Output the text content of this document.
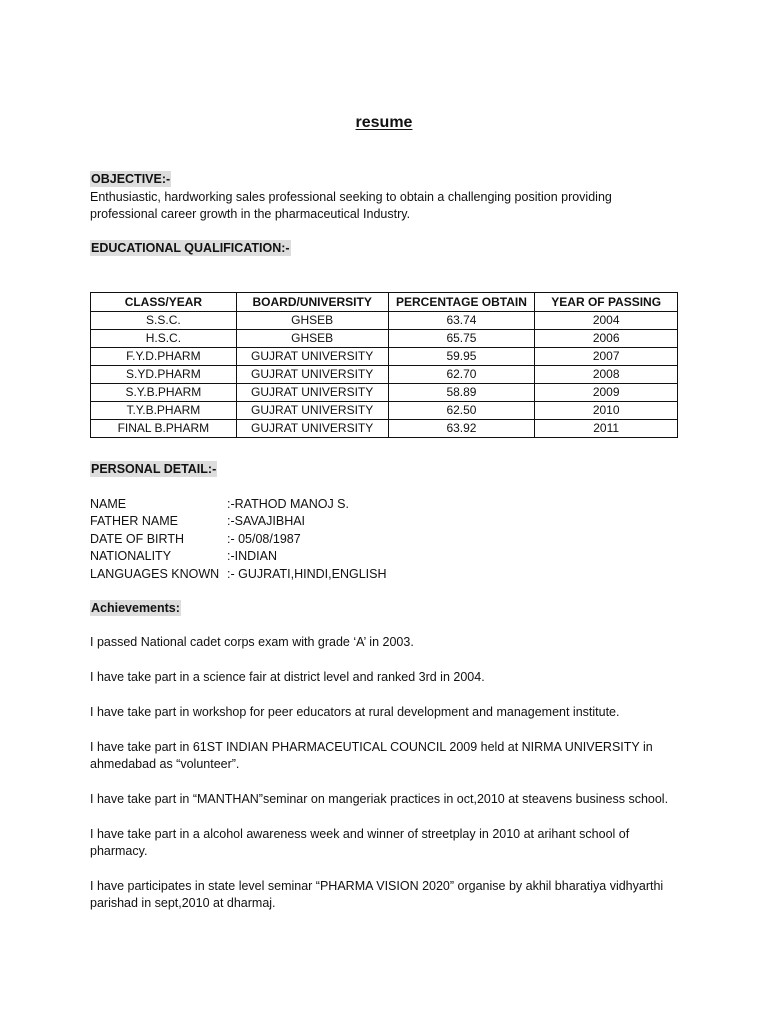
resume
OBJECTIVE:-
Enthusiastic, hardworking sales professional seeking to obtain a challenging position providing
professional career growth in the pharmaceutical Industry.
EDUCATIONAL QUALIFICATION:-
CLASS/YEAR	BOARD/UNIVERSITY	PERCENTAGE OBTAIN	YEAR OF PASSING
S.S.C.	GHSEB	63.74	2004
H.S.C.	GHSEB	65.75	2006
F.Y.D.PHARM	GUJRAT UNIVERSITY	59.95	2007
S.YD.PHARM	GUJRAT UNIVERSITY	62.70	2008
S.Y.B.PHARM	GUJRAT UNIVERSITY	58.89	2009
T.Y.B.PHARM	GUJRAT UNIVERSITY	62.50	2010
FINAL B.PHARM	GUJRAT UNIVERSITY	63.92	2011
PERSONAL DETAIL:-
NAME	:-RATHOD MANOJ S.
FATHER NAME	:-SAVAJIBHAI
DATE OF BIRTH	:- 05/08/1987
NATIONALITY	:-INDIAN
LANGUAGES KNOWN :- GUJRATI,HINDI,ENGLISH
Achievements:
I passed National cadet corps exam with grade ‘A’ in 2003.
I have take part in a science fair at district level and ranked 3rd in 2004.
I have take part in workshop for peer educators at rural development and management institute.
I have take part in 61ST INDIAN PHARMACEUTICAL COUNCIL 2009 held at NIRMA UNIVERSITY in
ahmedabad as “volunteer”.
I have take part in “MANTHAN”seminar on mangeriak practices in oct,2010 at steavens business school.
I have take part in a alcohol awareness week and winner of streetplay in 2010 at arihant school of
pharmacy.
I have participates in state level seminar “PHARMA VISION 2020” organise by akhil bharatiya vidhyarthi
parishad in sept,2010 at dharmaj.
